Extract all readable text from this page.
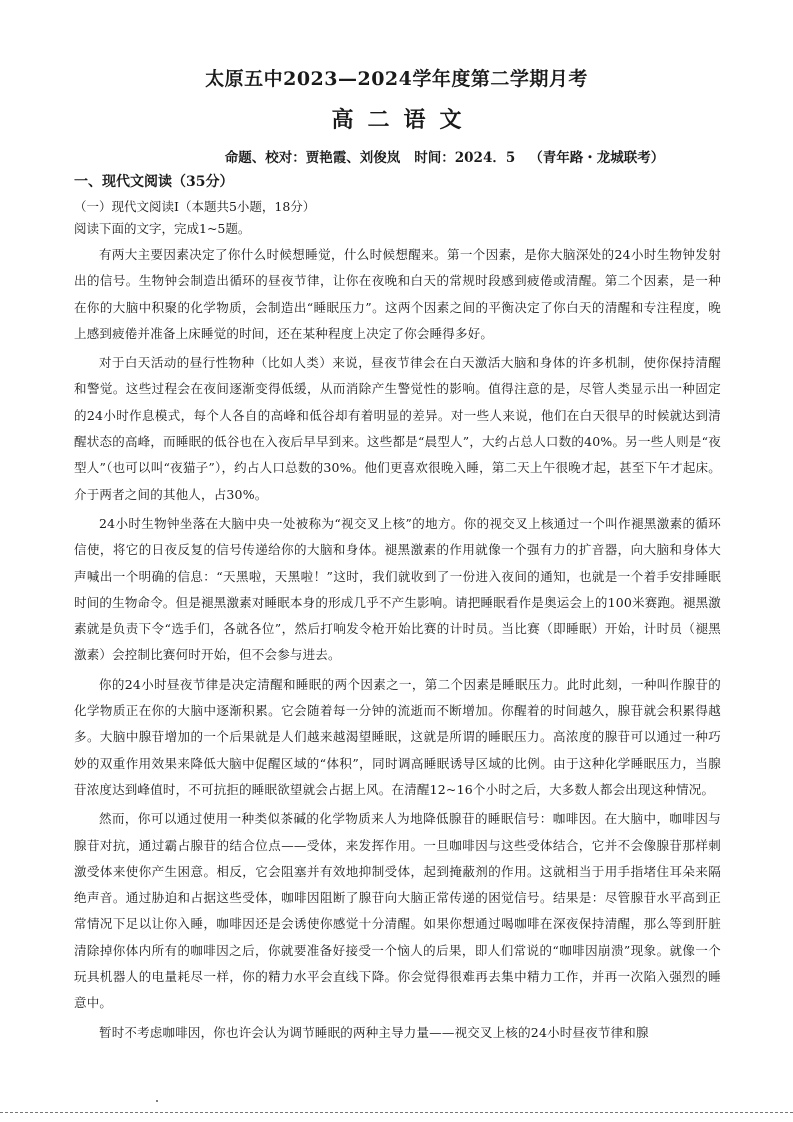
太原五中2023—2024学年度第二学期月考
高二语文
命题、校对：贾艳霞、刘俊岚 时间：2024．5 （青年路・龙城联考）
一、现代文阅读（35分）
（一）现代文阅读Ⅰ（本题共5小题，18分）
阅读下面的文字，完成1~5题。

有两大主要因素决定了你什么时候想睡觉，什么时候想醒来。第一个因素，是你大脑深处的24小时生物钟发射出的信号。生物钟会制造出循环的昼夜节律，让你在夜晚和白天的常规时段感到疲倦或清醒。第二个因素，是一种在你的大脑中积聚的化学物质，会制造出“睡眠压力”。这两个因素之间的平衡决定了你白天的清醒和专注程度，晚上感到疲倦并准备上床睡觉的时间，还在某种程度上决定了你会睡得多好。

对于白天活动的昼行性物种（比如人类）来说，昼夜节律会在白天激活大脑和身体的许多机制，使你保持清醒和警觉。这些过程会在夜间逐渐变得低缓，从而消除产生警觉性的影响。值得注意的是，尽管人类显示出一种固定的24小时作息模式，每个人各自的高峰和低谷却有着明显的差异。对一些人来说，他们在白天很早的时候就达到清醒状态的高峰，而睡眠的低谷也在入夜后早早到来。这些都是“晨型人”，大约占总人口数的40%。另一些人则是“夜型人”（也可以叫“夜猫子”），约占人口总数的30%。他们更喜欢很晚入睡，第二天上午很晚才起，甚至下午才起床。介于两者之间的其他人，占30%。

24小时生物钟坐落在大脑中央一处被称为“视交叉上核”的地方。你的视交叉上核通过一个叫作褪黑激素的循环信使，将它的日夜反复的信号传递给你的大脑和身体。褪黑激素的作用就像一个强有力的扩音器，向大脑和身体大声喊出一个明确的信息：“天黑啦，天黑啦！”这时，我们就收到了一份进入夜间的通知，也就是一个着手安排睡眠时间的生物命令。但是褪黑激素对睡眠本身的形成几乎不产生影响。请把睡眠看作是奥运会上的100米赛跑。褪黑激素就是负责下令“选手们，各就各位”，然后打响发令枪开始比赛的计时员。当比赛（即睡眠）开始，计时员（褪黑激素）会控制比赛何时开始，但不会参与进去。

你的24小时昼夜节律是决定清醒和睡眠的两个因素之一，第二个因素是睡眠压力。此时此刻，一种叫作腺苷的化学物质正在你的大脑中逐渐积累。它会随着每一分钟的流逝而不断增加。你醒着的时间越久，腺苷就会积累得越多。大脑中腺苷增加的一个后果就是人们越来越渴望睡眠，这就是所谓的睡眠压力。高浓度的腺苷可以通过一种巧妙的双重作用效果来降低大脑中促醒区域的“体积”，同时调高睡眠诱导区域的比例。由于这种化学睡眠压力，当腺苷浓度达到峰值时，不可抗拒的睡眠欲望就会占据上风。在清醒12~16个小时之后，大多数人都会出现这种情况。

然而，你可以通过使用一种类似茶碱的化学物质来人为地降低腺苷的睡眠信号：咖啡因。在大脑中，咖啡因与腺苷对抗，通过霸占腺苷的结合位点——受体，来发挥作用。一旦咖啡因与这些受体结合，它并不会像腺苷那样刺激受体来使你产生困意。相反，它会阻塞并有效地抑制受体，起到掩蔽剂的作用。这就相当于用手指堵住耳朵来隔绝声音。通过胁迫和占据这些受体，咖啡因阻断了腺苷向大脑正常传递的困觉信号。结果是：尽管腺苷水平高到正常情况下足以让你入睡，咖啡因还是会诱使你感觉十分清醒。如果你想通过喝咖啡在深夜保持清醒，那么等到肝脏清除掉你体内所有的咖啡因之后，你就要准备好接受一个恼人的后果，即人们常说的“咖啡因崩溃”现象。就像一个玩具机器人的电量耗尽一样，你的精力水平会直线下降。你会觉得很难再去集中精力工作，并再一次陷入强烈的睡意中。

暂时不考虑咖啡因，你也许会认为调节睡眠的两种主导力量——视交叉上核的24小时昼夜节律和腺
